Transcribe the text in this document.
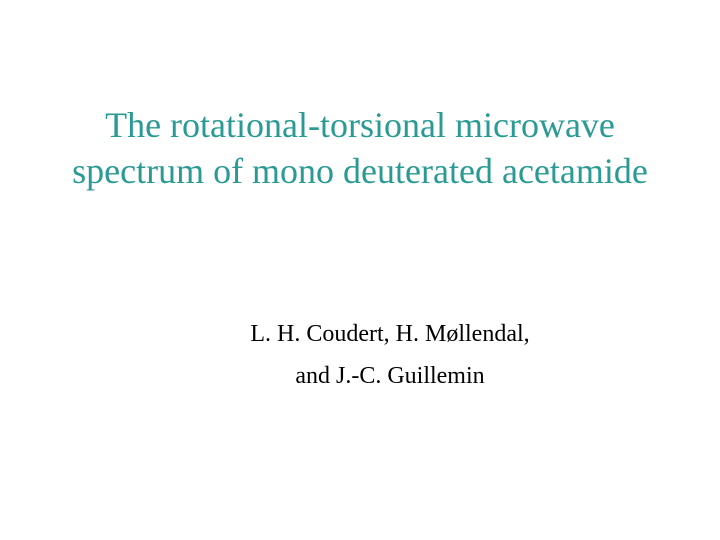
The rotational-torsional microwave
spectrum of mono deuterated acetamide
L. H. Coudert, H. Møllendal,
and J.-C. Guillemin
